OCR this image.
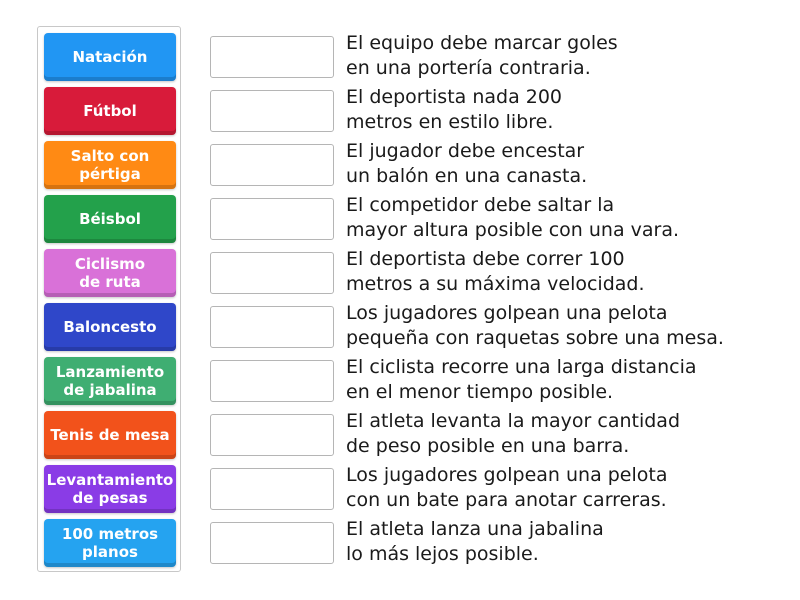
Natación
Fútbol
Salto con
pértiga
Béisbol
Ciclismo
de ruta
Baloncesto
Lanzamiento
de jabalina
Tenis de mesa
Levantamiento
de pesas
100 metros
planos
El equipo debe marcar goles
en una portería contraria.
El deportista nada 200
metros en estilo libre.
El jugador debe encestar
un balón en una canasta.
El competidor debe saltar la
mayor altura posible con una vara.
El deportista debe correr 100
metros a su máxima velocidad.
Los jugadores golpean una pelota
pequeña con raquetas sobre una mesa.
El ciclista recorre una larga distancia
en el menor tiempo posible.
El atleta levanta la mayor cantidad
de peso posible en una barra.
Los jugadores golpean una pelota
con un bate para anotar carreras.
El atleta lanza una jabalina
lo más lejos posible.
